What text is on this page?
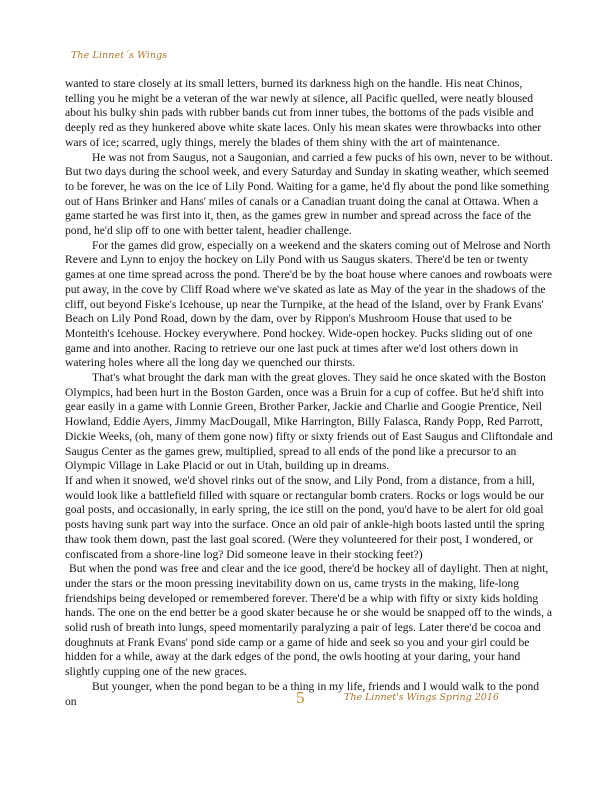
The Linnet´s Wings

wanted to stare closely at its small letters, burned its darkness high on the handle. His neat Chinos, telling you he might be a veteran of the war newly at silence, all Pacific quelled, were neatly bloused about his bulky shin pads with rubber bands cut from inner tubes, the bottoms of the pads visible and deeply red as they hunkered above white skate laces. Only his mean skates were throwbacks into other wars of ice; scarred, ugly things, merely the blades of them shiny with the art of maintenance.

He was not from Saugus, not a Saugonian, and carried a few pucks of his own, never to be without. But two days during the school week, and every Saturday and Sunday in skating weather, which seemed to be forever, he was on the ice of Lily Pond. Waiting for a game, he'd fly about the pond like something out of Hans Brinker and Hans' miles of canals or a Canadian truant doing the canal at Ottawa. When a game started he was first into it, then, as the games grew in number and spread across the face of the pond, he'd slip off to one with better talent, headier challenge.

For the games did grow, especially on a weekend and the skaters coming out of Melrose and North Revere and Lynn to enjoy the hockey on Lily Pond with us Saugus skaters. There'd be ten or twenty games at one time spread across the pond. There'd be by the boat house where canoes and rowboats were put away, in the cove by Cliff Road where we've skated as late as May of the year in the shadows of the cliff, out beyond Fiske's Icehouse, up near the Turnpike, at the head of the Island, over by Frank Evans' Beach on Lily Pond Road, down by the dam, over by Rippon's Mushroom House that used to be Monteith's Icehouse. Hockey everywhere. Pond hockey. Wide-open hockey. Pucks sliding out of one game and into another. Racing to retrieve our one last puck at times after we'd lost others down in watering holes where all the long day we quenched our thirsts.

That's what brought the dark man with the great gloves. They said he once skated with the Boston Olympics, had been hurt in the Boston Garden, once was a Bruin for a cup of coffee. But he'd shift into gear easily in a game with Lonnie Green, Brother Parker, Jackie and Charlie and Googie Prentice, Neil Howland, Eddie Ayers, Jimmy MacDougall, Mike Harrington, Billy Falasca, Randy Popp, Red Parrott, Dickie Weeks, (oh, many of them gone now) fifty or sixty friends out of East Saugus and Cliftondale and Saugus Center as the games grew, multiplied, spread to all ends of the pond like a precursor to an Olympic Village in Lake Placid or out in Utah, building up in dreams.

If and when it snowed, we'd shovel rinks out of the snow, and Lily Pond, from a distance, from a hill, would look like a battlefield filled with square or rectangular bomb craters. Rocks or logs would be our goal posts, and occasionally, in early spring, the ice still on the pond, you'd have to be alert for old goal posts having sunk part way into the surface. Once an old pair of ankle-high boots lasted until the spring thaw took them down, past the last goal scored. (Were they volunteered for their post, I wondered, or confiscated from a shore-line log? Did someone leave in their stocking feet?)

But when the pond was free and clear and the ice good, there'd be hockey all of daylight. Then at night, under the stars or the moon pressing inevitability down on us, came trysts in the making, life-long friendships being developed or remembered forever. There'd be a whip with fifty or sixty kids holding hands. The one on the end better be a good skater because he or she would be snapped off to the winds, a solid rush of breath into lungs, speed momentarily paralyzing a pair of legs. Later there'd be cocoa and doughnuts at Frank Evans' pond side camp or a game of hide and seek so you and your girl could be hidden for a while, away at the dark edges of the pond, the owls hooting at your daring, your hand slightly cupping one of the new graces.

But younger, when the pond began to be a thing in my life, friends and I would walk to the pond on	5	The Linnet's Wings Spring 2016
